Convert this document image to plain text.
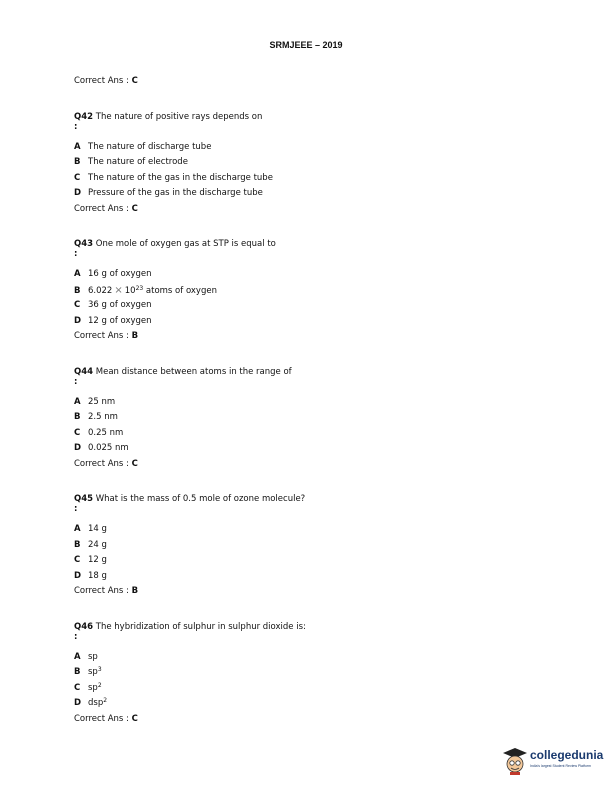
SRMJEEE – 2019
Correct Ans : C
Q42 The nature of positive rays depends on
:
A The nature of discharge tube
B The nature of electrode
C The nature of the gas in the discharge tube
D Pressure of the gas in the discharge tube
Correct Ans : C
Q43 One mole of oxygen gas at STP is equal to
:
A 16 g of oxygen
B $6.022 \times 10^{23}$ atoms of oxygen
C 36 g of oxygen
D 12 g of oxygen
Correct Ans : B
Q44 Mean distance between atoms in the range of
:
A 25 nm
B 2.5 nm
C 0.25 nm
D 0.025 nm
Correct Ans : C
Q45 What is the mass of 0.5 mole of ozone molecule?
:
A 14 g
B 24 g
C 12 g
D 18 g
Correct Ans : B
Q46 The hybridization of sulphur in sulphur dioxide is:
:
A sp
B $sp^3$
C $sp^2$
D dsp$^2$
Correct Ans : C
collegedunia
India's largest Student Review Platform
